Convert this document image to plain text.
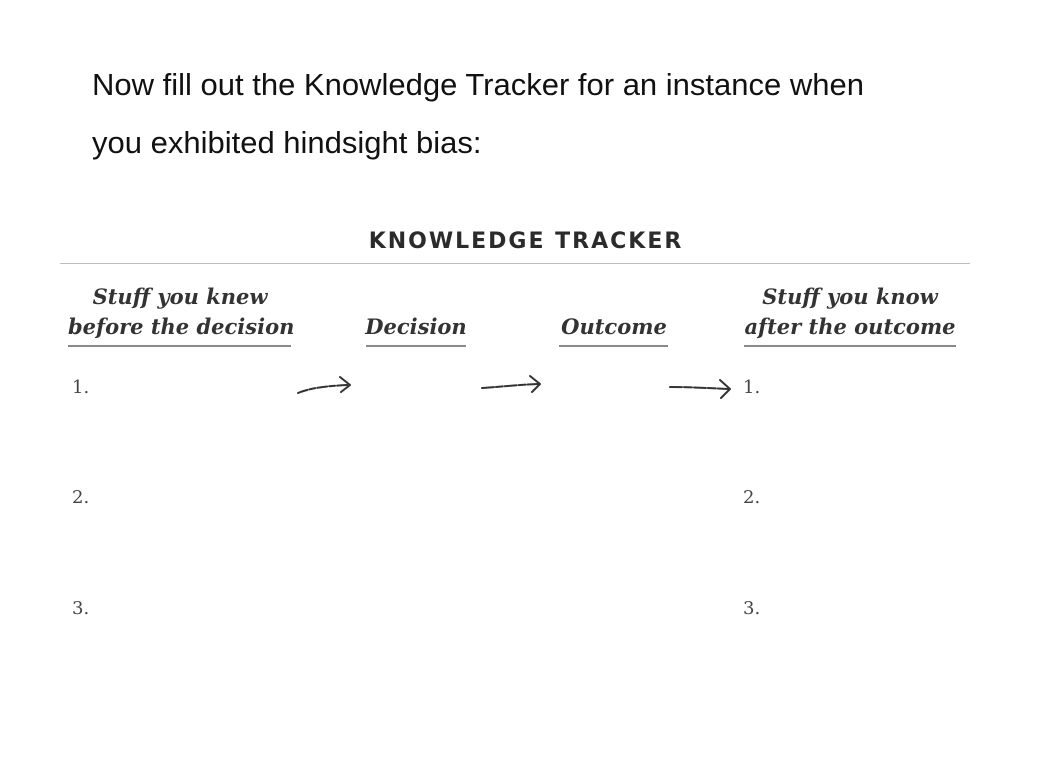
Now fill out the Knowledge Tracker for an instance when

you exhibited hindsight bias:

KNOWLEDGE TRACKER
Stuff you knew
before the decision	Decision	Outcome
Stuff you know
after the outcome
1.
2.
3.
1.
2.
3.
